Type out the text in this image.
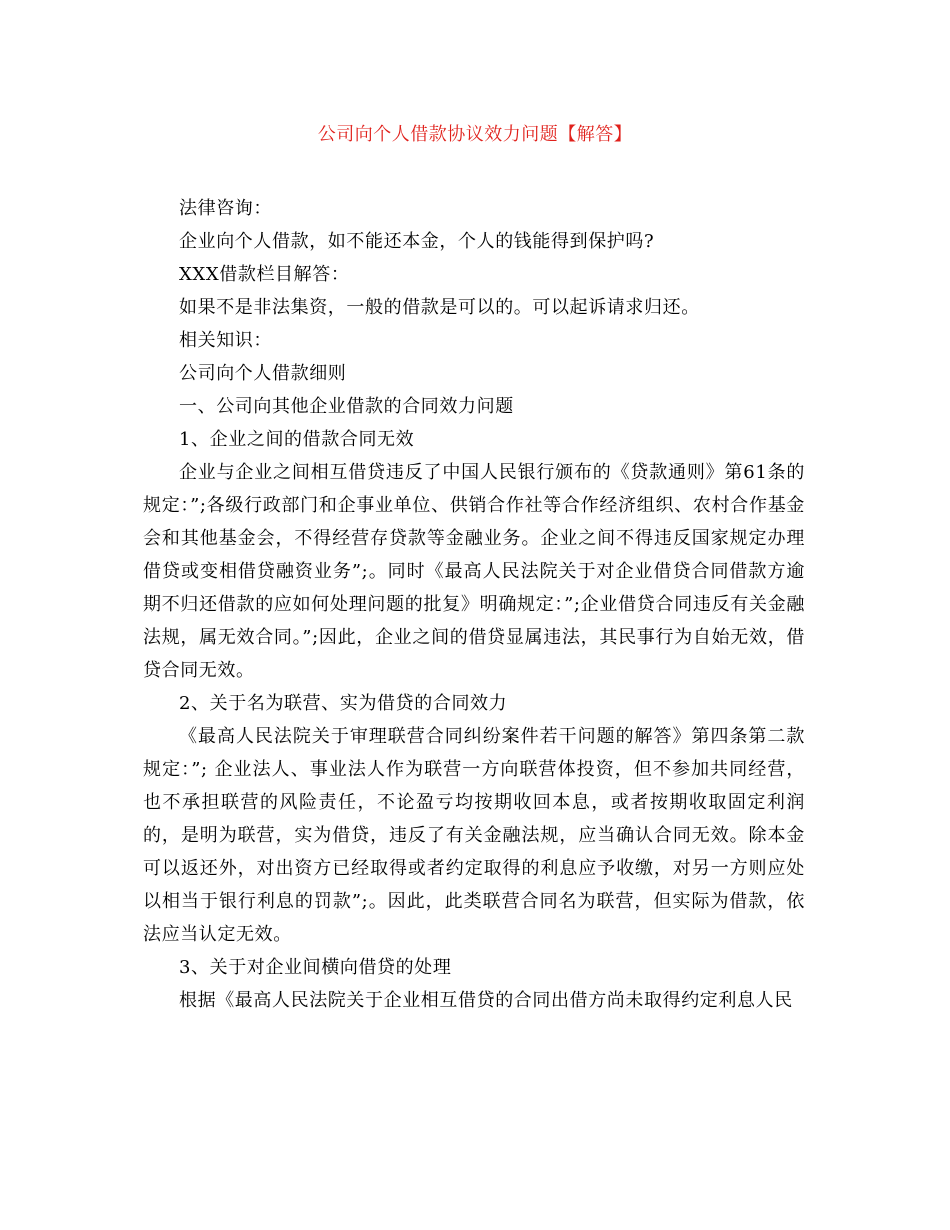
公司向个人借款协议效力问题【解答】

法律咨询：

企业向个人借款，如不能还本金，个人的钱能得到保护吗?

XXX借款栏目解答：

如果不是非法集资，一般的借款是可以的。可以起诉请求归还。

相关知识：

公司向个人借款细则

一、公司向其他企业借款的合同效力问题

1、企业之间的借款合同无效

企业与企业之间相互借贷违反了中国人民银行颁布的《贷款通则》第61条的规定：”;各级行政部门和企事业单位、供销合作社等合作经济组织、农村合作基金会和其他基金会，不得经营存贷款等金融业务。企业之间不得违反国家规定办理借贷或变相借贷融资业务”;。同时《最高人民法院关于对企业借贷合同借款方逾期不归还借款的应如何处理问题的批复》明确规定：”;企业借贷合同违反有关金融法规，属无效合同。”;因此，企业之间的借贷显属违法，其民事行为自始无效，借贷合同无效。

2、关于名为联营、实为借贷的合同效力

《最高人民法院关于审理联营合同纠纷案件若干问题的解答》第四条第二款规定：”; 企业法人、事业法人作为联营一方向联营体投资，但不参加共同经营，也不承担联营的风险责任，不论盈亏均按期收回本息，或者按期收取固定利润的，是明为联营，实为借贷，违反了有关金融法规，应当确认合同无效。除本金可以返还外，对出资方已经取得或者约定取得的利息应予收缴，对另一方则应处以相当于银行利息的罚款”;。因此，此类联营合同名为联营，但实际为借款，依法应当认定无效。

3、关于对企业间横向借贷的处理

根据《最高人民法院关于企业相互借贷的合同出借方尚未取得约定利息人民
